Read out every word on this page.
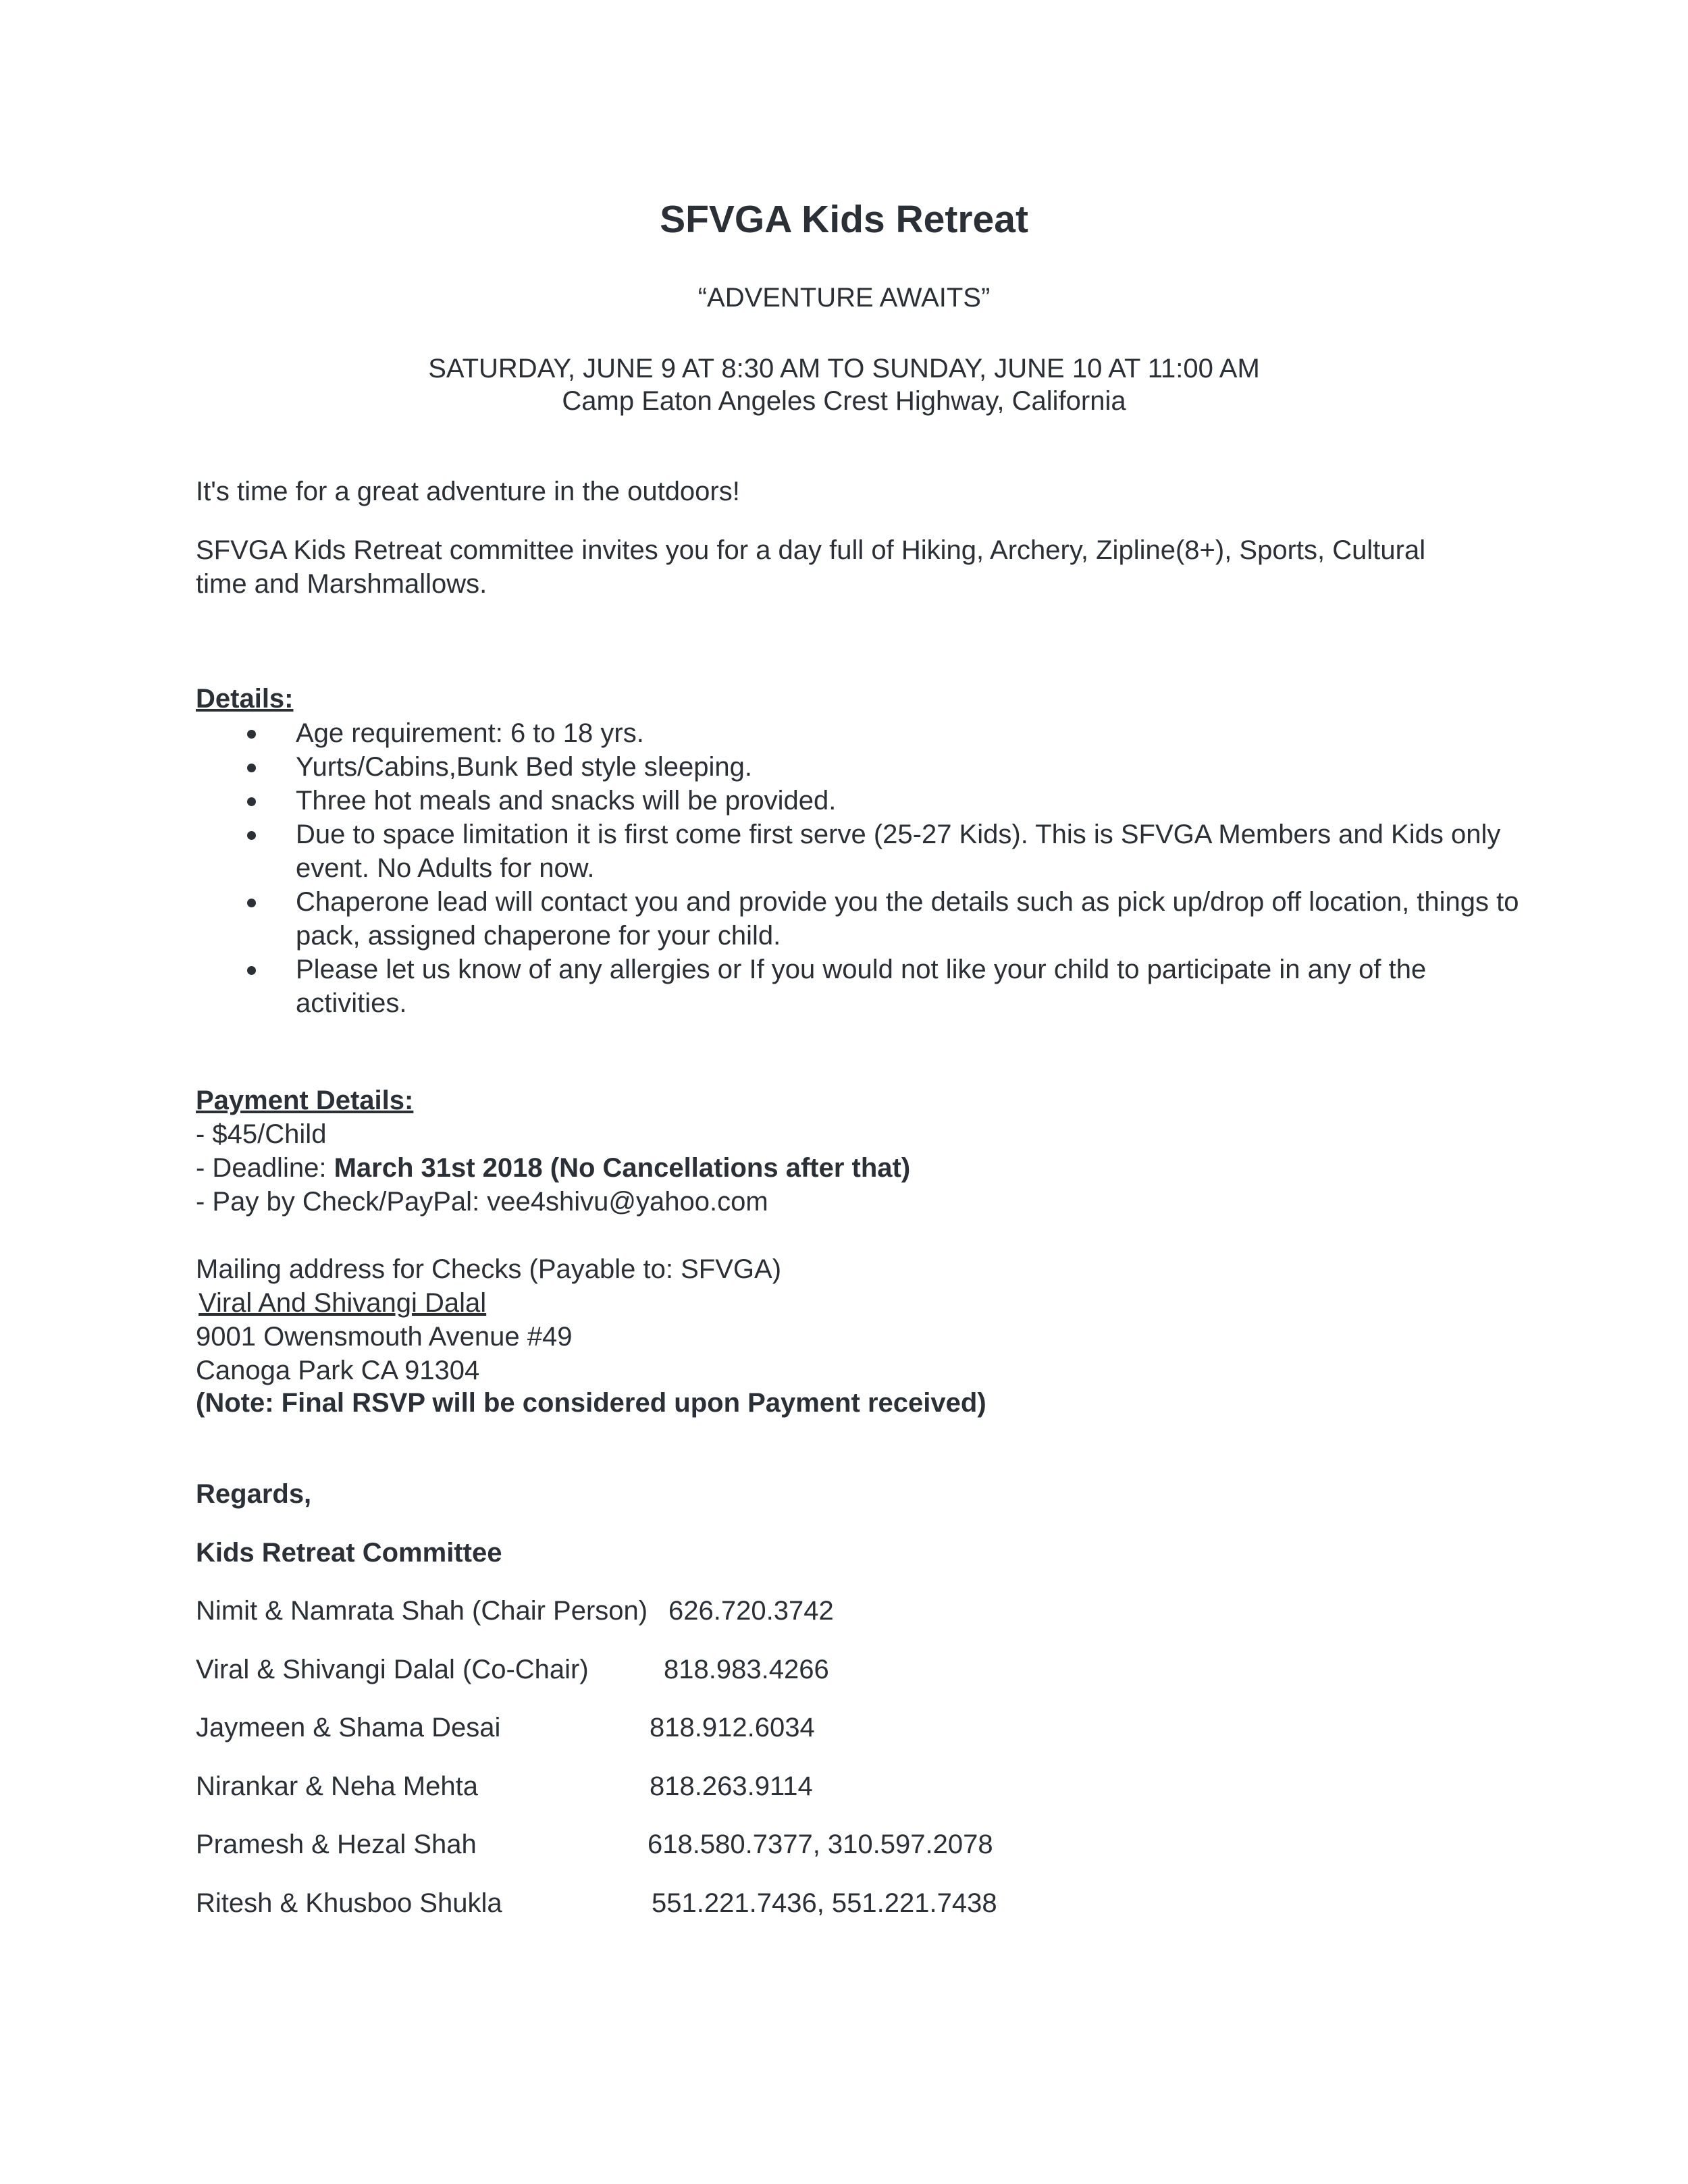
SFVGA Kids Retreat
“ADVENTURE AWAITS”
SATURDAY, JUNE 9 AT 8:30 AM TO SUNDAY, JUNE 10 AT 11:00 AM
Camp Eaton Angeles Crest Highway, California
It's time for a great adventure in the outdoors!
SFVGA Kids Retreat committee invites you for a day full of Hiking, Archery, Zipline(8+), Sports, Cultural time and Marshmallows.
Details:
Age requirement: 6 to 18 yrs.
Yurts/Cabins,Bunk Bed style sleeping.
Three hot meals and snacks will be provided.
Due to space limitation it is first come first serve (25-27 Kids). This is SFVGA Members and Kids only event. No Adults for now.
Chaperone lead will contact you and provide you the details such as pick up/drop off location, things to pack, assigned chaperone for your child.
Please let us know of any allergies or If you would not like your child to participate in any of the activities.
Payment Details:
- $45/Child
- Deadline: March 31st 2018 (No Cancellations after that)
- Pay by Check/PayPal: vee4shivu@yahoo.com
Mailing address for Checks (Payable to: SFVGA)
Viral And Shivangi Dalal
9001 Owensmouth Avenue #49
Canoga Park CA 91304
(Note: Final RSVP will be considered upon Payment received)
Regards,
Kids Retreat Committee
Nimit & Namrata Shah (Chair Person) 626.720.3742
Viral & Shivangi Dalal (Co-Chair)	818.983.4266
Jaymeen & Shama Desai	818.912.6034
Nirankar & Neha Mehta	818.263.9114
Pramesh & Hezal Shah	618.580.7377, 310.597.2078
Ritesh & Khusboo Shukla	551.221.7436, 551.221.7438
